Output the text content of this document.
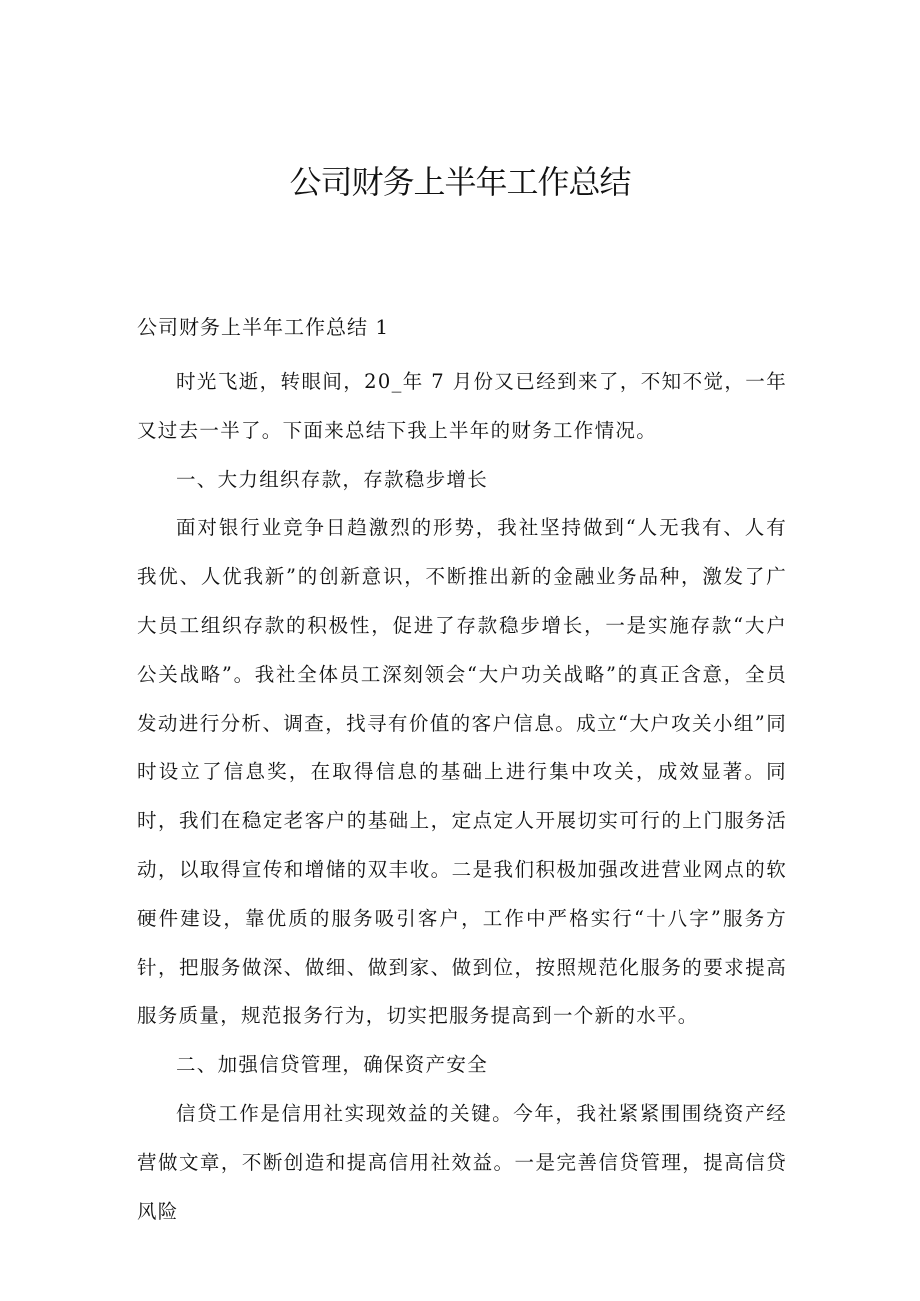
公司财务上半年工作总结
公司财务上半年工作总结 1

时光飞逝，转眼间，20_年 7 月份又已经到来了，不知不觉，一年又过去一半了。下面来总结下我上半年的财务工作情况。

一、大力组织存款，存款稳步增长

面对银行业竞争日趋激烈的形势，我社坚持做到“人无我有、人有我优、人优我新”的创新意识，不断推出新的金融业务品种，激发了广大员工组织存款的积极性，促进了存款稳步增长，一是实施存款“大户公关战略”。我社全体员工深刻领会“大户功关战略”的真正含意，全员发动进行分析、调查，找寻有价值的客户信息。成立“大户攻关小组”同时设立了信息奖，在取得信息的基础上进行集中攻关，成效显著。同时，我们在稳定老客户的基础上，定点定人开展切实可行的上门服务活动，以取得宣传和增储的双丰收。二是我们积极加强改进营业网点的软硬件建设，靠优质的服务吸引客户，工作中严格实行“十八字”服务方针，把服务做深、做细、做到家、做到位，按照规范化服务的要求提高服务质量，规范报务行为，切实把服务提高到一个新的水平。

二、加强信贷管理，确保资产安全

信贷工作是信用社实现效益的关键。今年，我社紧紧围围绕资产经营做文章，不断创造和提高信用社效益。一是完善信贷管理，提高信贷风险
